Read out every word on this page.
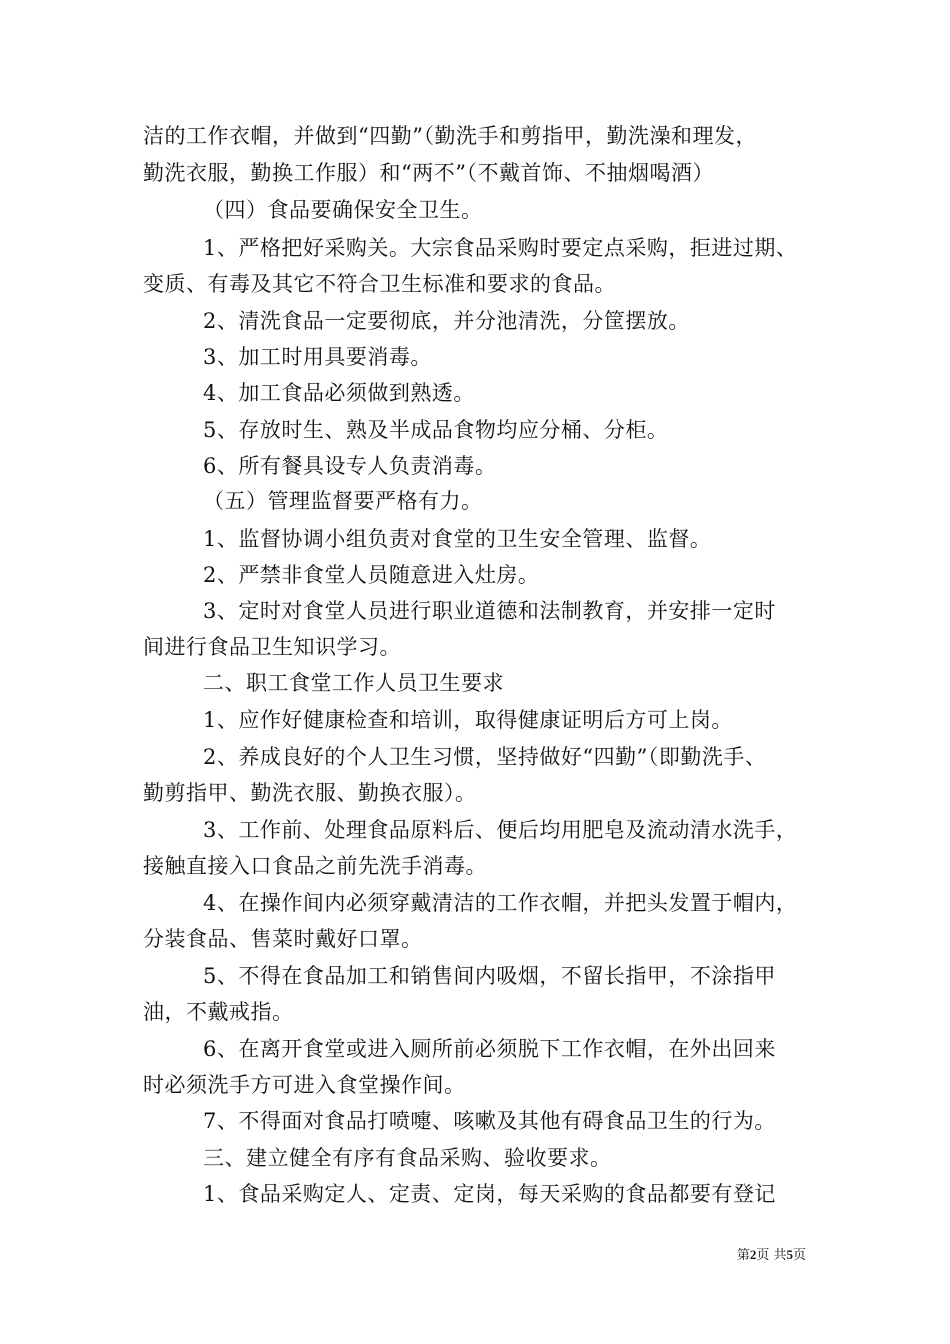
洁的工作衣帽，并做到“四勤”（勤洗手和剪指甲，勤洗澡和理发，
勤洗衣服，勤换工作服）和“两不”（不戴首饰、不抽烟喝酒）
（四）食品要确保安全卫生。
1、严格把好采购关。大宗食品采购时要定点采购，拒进过期、
变质、有毒及其它不符合卫生标准和要求的食品。
2、清洗食品一定要彻底，并分池清洗，分筐摆放。
3、加工时用具要消毒。
4、加工食品必须做到熟透。
5、存放时生、熟及半成品食物均应分桶、分柜。
6、所有餐具设专人负责消毒。
（五）管理监督要严格有力。
1、监督协调小组负责对食堂的卫生安全管理、监督。
2、严禁非食堂人员随意进入灶房。
3、定时对食堂人员进行职业道德和法制教育，并安排一定时
间进行食品卫生知识学习。
二、职工食堂工作人员卫生要求
1、应作好健康检查和培训，取得健康证明后方可上岗。
2、养成良好的个人卫生习惯，坚持做好“四勤”（即勤洗手、
勤剪指甲、勤洗衣服、勤换衣服）。
3、工作前、处理食品原料后、便后均用肥皂及流动清水洗手，
接触直接入口食品之前先洗手消毒。
4、在操作间内必须穿戴清洁的工作衣帽，并把头发置于帽内，
分装食品、售菜时戴好口罩。
5、不得在食品加工和销售间内吸烟，不留长指甲，不涂指甲
油，不戴戒指。
6、在离开食堂或进入厕所前必须脱下工作衣帽，在外出回来
时必须洗手方可进入食堂操作间。
7、不得面对食品打喷嚏、咳嗽及其他有碍食品卫生的行为。
三、建立健全有序有食品采购、验收要求。
1、食品采购定人、定责、定岗，每天采购的食品都要有登记
第2页 共5页
